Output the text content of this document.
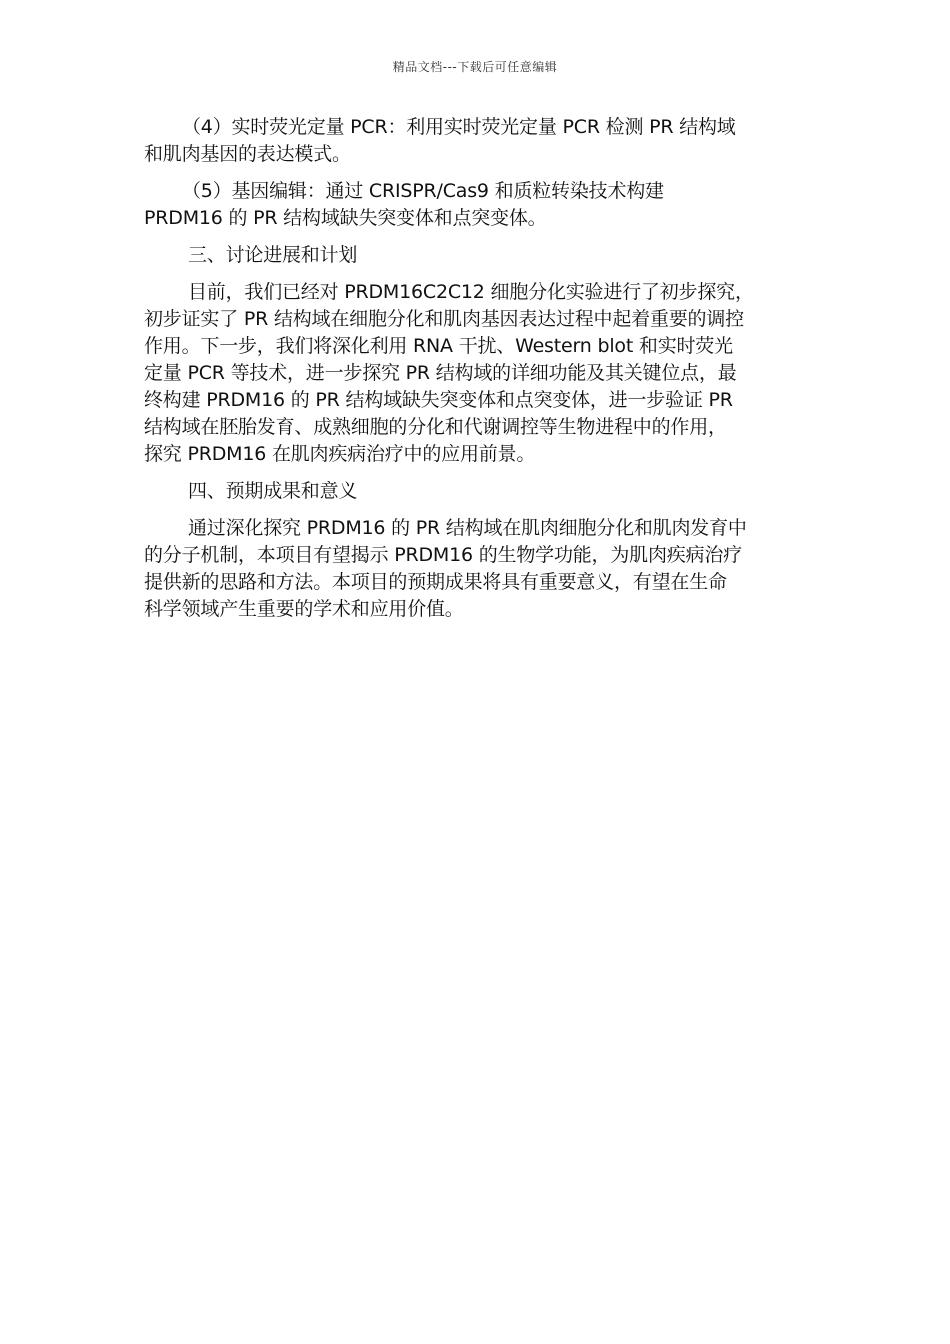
精品文档---下载后可任意编辑
（4）实时荧光定量 PCR：利用实时荧光定量 PCR 检测 PR 结构域
和肌肉基因的表达模式。
（5）基因编辑：通过 CRISPR/Cas9 和质粒转染技术构建
PRDM16 的 PR 结构域缺失突变体和点突变体。
三、讨论进展和计划
目前，我们已经对 PRDM16C2C12 细胞分化实验进行了初步探究，
初步证实了 PR 结构域在细胞分化和肌肉基因表达过程中起着重要的调控
作用。下一步，我们将深化利用 RNA 干扰、Western blot 和实时荧光
定量 PCR 等技术，进一步探究 PR 结构域的详细功能及其关键位点，最
终构建 PRDM16 的 PR 结构域缺失突变体和点突变体，进一步验证 PR
结构域在胚胎发育、成熟细胞的分化和代谢调控等生物进程中的作用，
探究 PRDM16 在肌肉疾病治疗中的应用前景。
四、预期成果和意义
通过深化探究 PRDM16 的 PR 结构域在肌肉细胞分化和肌肉发育中
的分子机制，本项目有望揭示 PRDM16 的生物学功能，为肌肉疾病治疗
提供新的思路和方法。本项目的预期成果将具有重要意义，有望在生命
科学领域产生重要的学术和应用价值。
